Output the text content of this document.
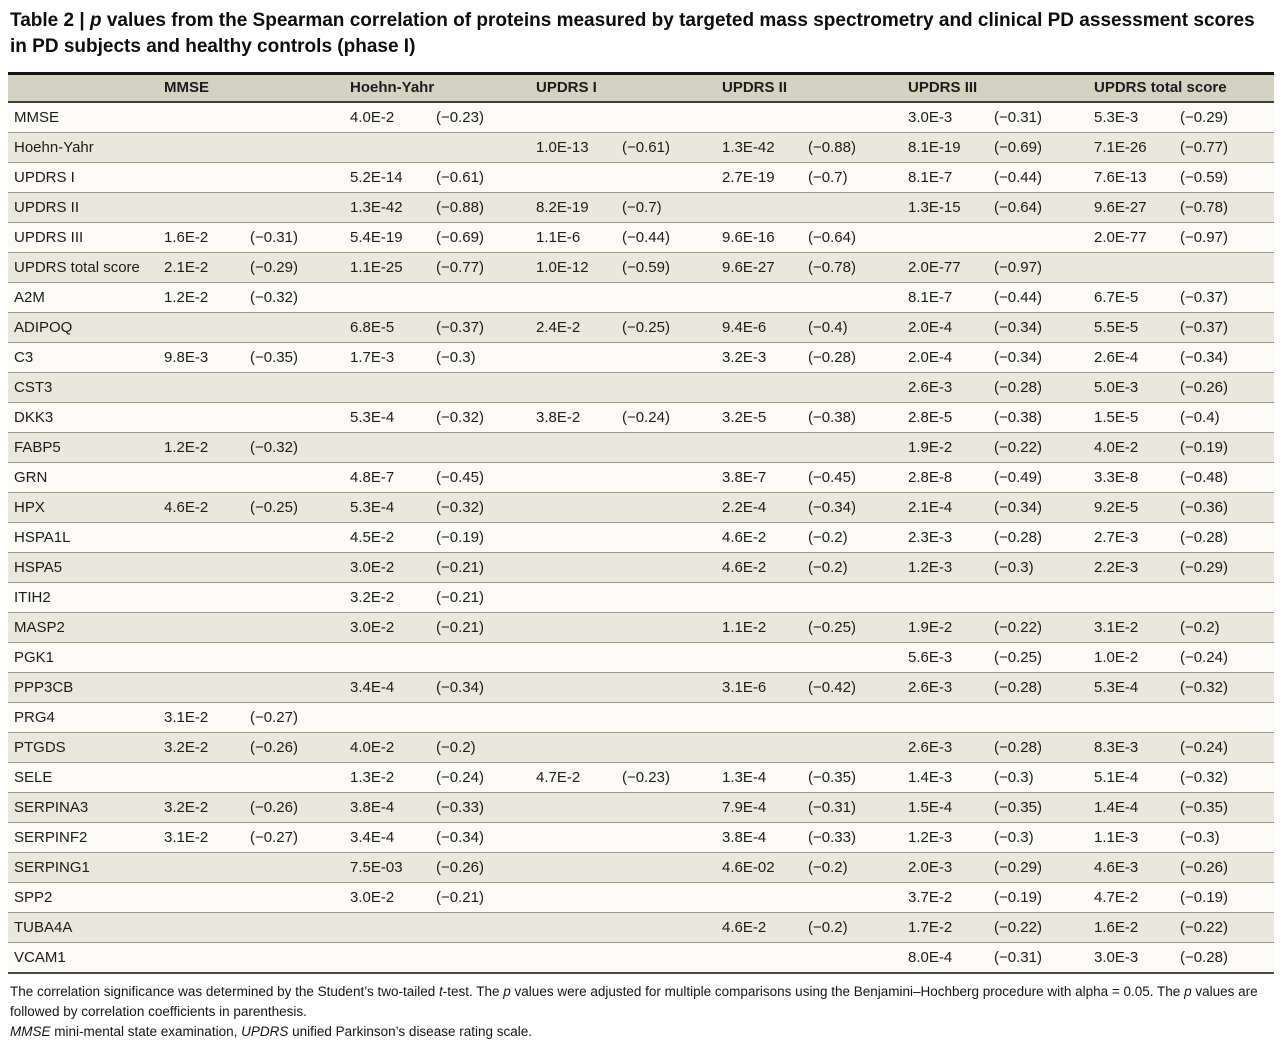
Table 2 | p values from the Spearman correlation of proteins measured by targeted mass spectrometry and clinical PD assessment scores in PD subjects and healthy controls (phase I)
	MMSE		Hoehn-Yahr		UPDRS I		UPDRS II		UPDRS III		UPDRS total score	
MMSE			4.0E-2	(−0.23)					3.0E-3	(−0.31)	5.3E-3	(−0.29)
Hoehn-Yahr					1.0E-13	(−0.61)	1.3E-42	(−0.88)	8.1E-19	(−0.69)	7.1E-26	(−0.77)
UPDRS I			5.2E-14	(−0.61)			2.7E-19	(−0.7)	8.1E-7	(−0.44)	7.6E-13	(−0.59)
UPDRS II			1.3E-42	(−0.88)	8.2E-19	(−0.7)			1.3E-15	(−0.64)	9.6E-27	(−0.78)
UPDRS III	1.6E-2	(−0.31)	5.4E-19	(−0.69)	1.1E-6	(−0.44)	9.6E-16	(−0.64)			2.0E-77	(−0.97)
UPDRS total score	2.1E-2	(−0.29)	1.1E-25	(−0.77)	1.0E-12	(−0.59)	9.6E-27	(−0.78)	2.0E-77	(−0.97)		
A2M	1.2E-2	(−0.32)							8.1E-7	(−0.44)	6.7E-5	(−0.37)
ADIPOQ			6.8E-5	(−0.37)	2.4E-2	(−0.25)	9.4E-6	(−0.4)	2.0E-4	(−0.34)	5.5E-5	(−0.37)
C3	9.8E-3	(−0.35)	1.7E-3	(−0.3)			3.2E-3	(−0.28)	2.0E-4	(−0.34)	2.6E-4	(−0.34)
CST3									2.6E-3	(−0.28)	5.0E-3	(−0.26)
DKK3			5.3E-4	(−0.32)	3.8E-2	(−0.24)	3.2E-5	(−0.38)	2.8E-5	(−0.38)	1.5E-5	(−0.4)
FABP5	1.2E-2	(−0.32)							1.9E-2	(−0.22)	4.0E-2	(−0.19)
GRN			4.8E-7	(−0.45)			3.8E-7	(−0.45)	2.8E-8	(−0.49)	3.3E-8	(−0.48)
HPX	4.6E-2	(−0.25)	5.3E-4	(−0.32)			2.2E-4	(−0.34)	2.1E-4	(−0.34)	9.2E-5	(−0.36)
HSPA1L			4.5E-2	(−0.19)			4.6E-2	(−0.2)	2.3E-3	(−0.28)	2.7E-3	(−0.28)
HSPA5			3.0E-2	(−0.21)			4.6E-2	(−0.2)	1.2E-3	(−0.3)	2.2E-3	(−0.29)
ITIH2			3.2E-2	(−0.21)								
MASP2			3.0E-2	(−0.21)			1.1E-2	(−0.25)	1.9E-2	(−0.22)	3.1E-2	(−0.2)
PGK1									5.6E-3	(−0.25)	1.0E-2	(−0.24)
PPP3CB			3.4E-4	(−0.34)			3.1E-6	(−0.42)	2.6E-3	(−0.28)	5.3E-4	(−0.32)
PRG4	3.1E-2	(−0.27)										
PTGDS	3.2E-2	(−0.26)	4.0E-2	(−0.2)					2.6E-3	(−0.28)	8.3E-3	(−0.24)
SELE			1.3E-2	(−0.24)	4.7E-2	(−0.23)	1.3E-4	(−0.35)	1.4E-3	(−0.3)	5.1E-4	(−0.32)
SERPINA3	3.2E-2	(−0.26)	3.8E-4	(−0.33)			7.9E-4	(−0.31)	1.5E-4	(−0.35)	1.4E-4	(−0.35)
SERPINF2	3.1E-2	(−0.27)	3.4E-4	(−0.34)			3.8E-4	(−0.33)	1.2E-3	(−0.3)	1.1E-3	(−0.3)
SERPING1			7.5E-03	(−0.26)			4.6E-02	(−0.2)	2.0E-3	(−0.29)	4.6E-3	(−0.26)
SPP2			3.0E-2	(−0.21)					3.7E-2	(−0.19)	4.7E-2	(−0.19)
TUBA4A							4.6E-2	(−0.2)	1.7E-2	(−0.22)	1.6E-2	(−0.22)
VCAM1									8.0E-4	(−0.31)	3.0E-3	(−0.28)
The correlation significance was determined by the Student’s two-tailed t-test. The p values were adjusted for multiple comparisons using the Benjamini–Hochberg procedure with alpha = 0.05. The p values are followed by correlation coefficients in parenthesis.
MMSE mini-mental state examination, UPDRS unified Parkinson’s disease rating scale.
